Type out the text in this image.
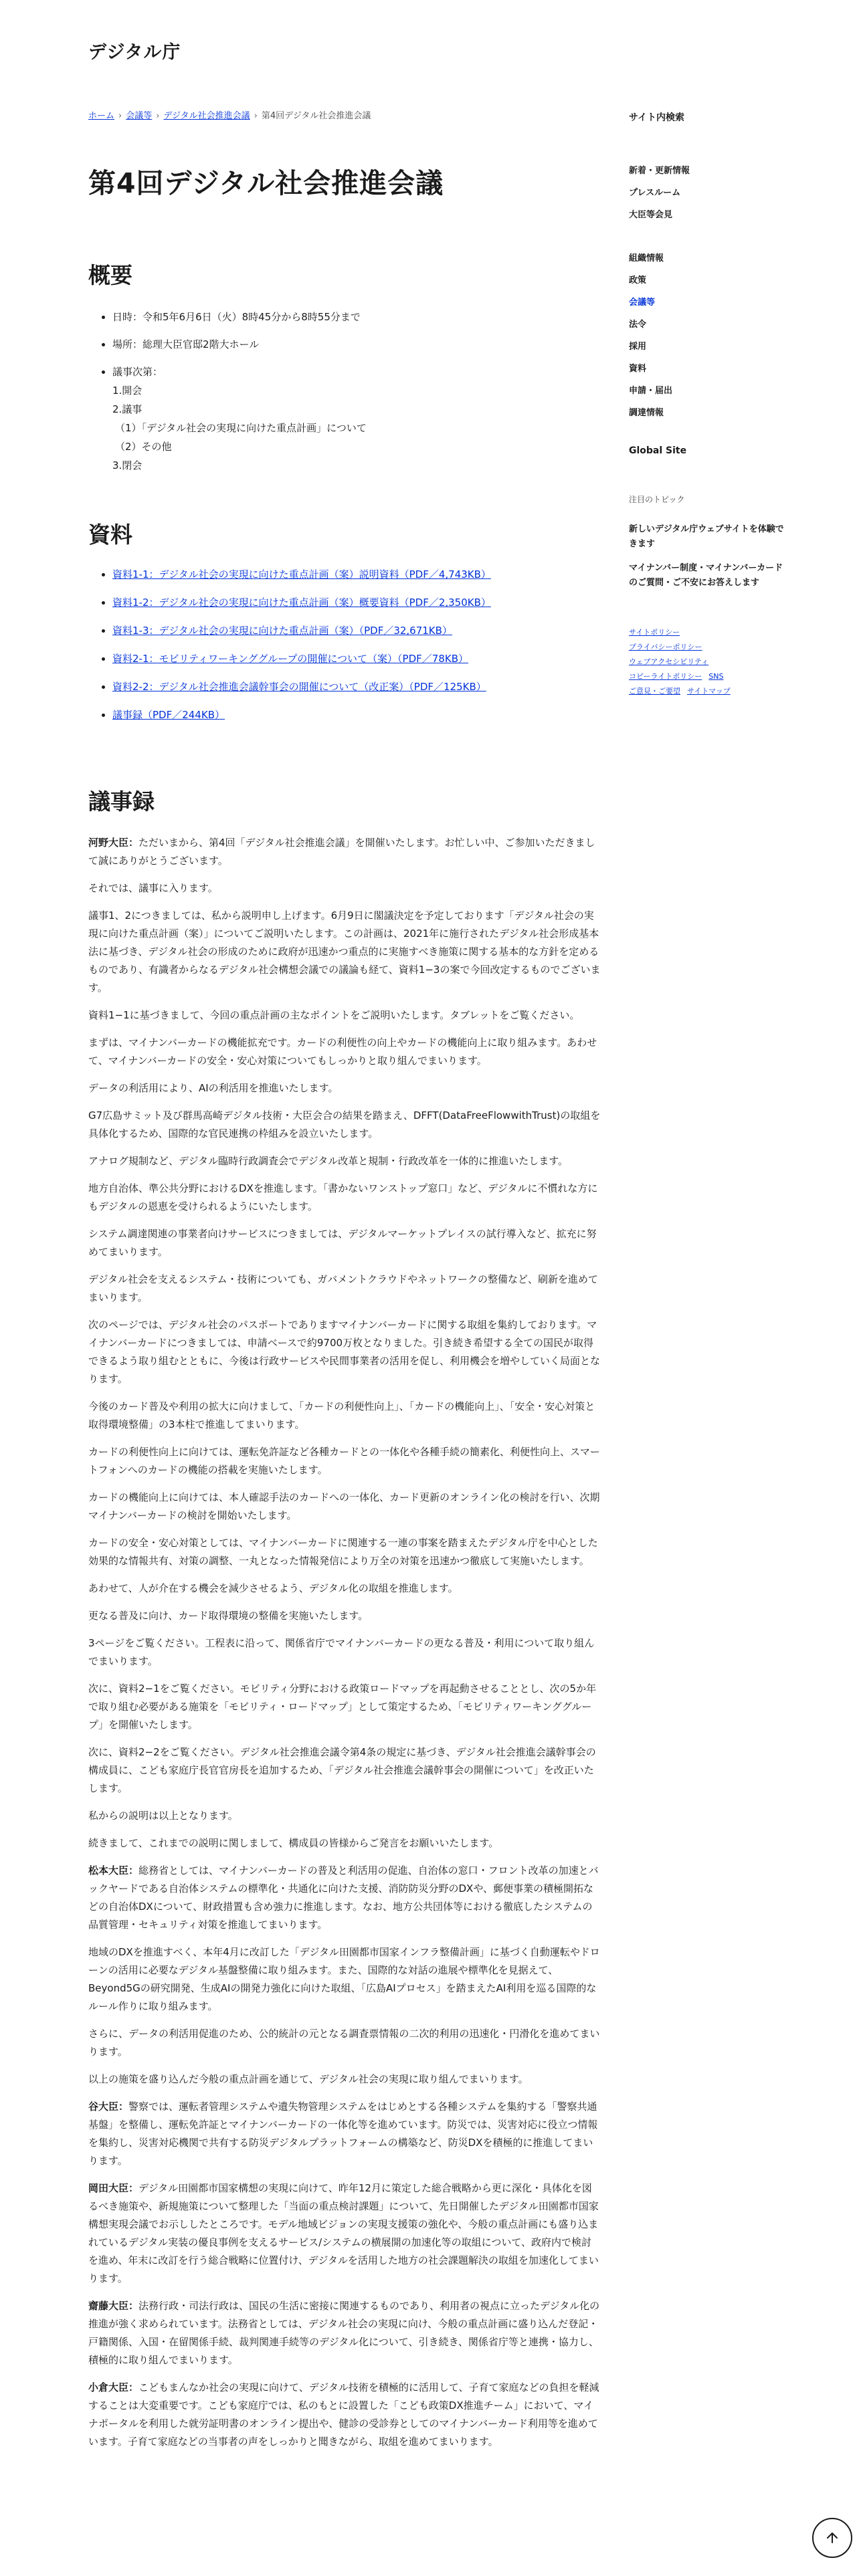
デジタル庁
ホーム › 会議等 › デジタル社会推進会議 › 第4回デジタル社会推進会議
第4回デジタル社会推進会議
概要
• 日時：令和5年6月6日（火）8時45分から8時55分まで
• 場所：総理大臣官邸2階大ホール
• 議事次第：
1.開会
2.議事
（1）「デジタル社会の実現に向けた重点計画」について
（2）その他
3.閉会
資料
• 資料1-1：デジタル社会の実現に向けた重点計画（案）説明資料（PDF／4,743KB）
• 資料1-2：デジタル社会の実現に向けた重点計画（案）概要資料（PDF／2,350KB）
• 資料1-3：デジタル社会の実現に向けた重点計画（案）（PDF／32,671KB）
• 資料2-1：モビリティワーキンググループの開催について（案）（PDF／78KB）
• 資料2-2：デジタル社会推進会議幹事会の開催について（改正案）（PDF／125KB）
• 議事録（PDF／244KB）
議事録

河野大臣：ただいまから、第4回「デジタル社会推進会議」を開催いたします。お忙しい中、ご参加いただきまして誠にありがとうございます。

それでは、議事に入ります。

議事1、2につきましては、私から説明申し上げます。6月9日に閣議決定を予定しております「デジタル社会の実現に向けた重点計画（案）」についてご説明いたします。この計画は、2021年に施行されたデジタル社会形成基本法に基づき、デジタル社会の形成のために政府が迅速かつ重点的に実施すべき施策に関する基本的な方針を定めるものであり、有識者からなるデジタル社会構想会議での議論も経て、資料1−3の案で今回改定するものでございます。

資料1−1に基づきまして、今回の重点計画の主なポイントをご説明いたします。タブレットをご覧ください。

まずは、マイナンバーカードの機能拡充です。カードの利便性の向上やカードの機能向上に取り組みます。あわせて、マイナンバーカードの安全・安心対策についてもしっかりと取り組んでまいります。

データの利活用により、AIの利活用を推進いたします。

G7広島サミット及び群馬高崎デジタル技術・大臣会合の結果を踏まえ、DFFT(DataFreeFlowwithTrust)の取組を具体化するため、国際的な官民連携の枠組みを設立いたします。

アナログ規制など、デジタル臨時行政調査会でデジタル改革と規制・行政改革を一体的に推進いたします。

地方自治体、準公共分野におけるDXを推進します。「書かないワンストップ窓口」など、デジタルに不慣れな方にもデジタルの恩恵を受けられるようにいたします。

システム調達関連の事業者向けサービスにつきましては、デジタルマーケットプレイスの試行導入など、拡充に努めてまいります。

デジタル社会を支えるシステム・技術についても、ガバメントクラウドやネットワークの整備など、刷新を進めてまいります。

次のページでは、デジタル社会のパスポートでありますマイナンバーカードに関する取組を集約しております。マイナンバーカードにつきましては、申請ベースで約9700万枚となりました。引き続き希望する全ての国民が取得できるよう取り組むとともに、今後は行政サービスや民間事業者の活用を促し、利用機会を増やしていく局面となります。

今後のカード普及や利用の拡大に向けまして、「カードの利便性向上」、「カードの機能向上」、「安全・安心対策と取得環境整備」の3本柱で推進してまいります。

カードの利便性向上に向けては、運転免許証など各種カードとの一体化や各種手続の簡素化、利便性向上、スマートフォンへのカードの機能の搭載を実施いたします。

カードの機能向上に向けては、本人確認手法のカードへの一体化、カード更新のオンライン化の検討を行い、次期マイナンバーカードの検討を開始いたします。

カードの安全・安心対策としては、マイナンバーカードに関連する一連の事案を踏まえたデジタル庁を中心とした効果的な情報共有、対策の調整、一丸となった情報発信により万全の対策を迅速かつ徹底して実施いたします。

あわせて、人が介在する機会を減少させるよう、デジタル化の取組を推進します。

更なる普及に向け、カード取得環境の整備を実施いたします。

3ページをご覧ください。工程表に沿って、関係省庁でマイナンバーカードの更なる普及・利用について取り組んでまいります。

次に、資料2−1をご覧ください。モビリティ分野における政策ロードマップを再起動させることとし、次の5か年で取り組む必要がある施策を「モビリティ・ロードマップ」として策定するため、「モビリティワーキンググループ」を開催いたします。

次に、資料2−2をご覧ください。デジタル社会推進会議令第4条の規定に基づき、デジタル社会推進会議幹事会の構成員に、こども家庭庁長官官房長を追加するため、「デジタル社会推進会議幹事会の開催について」を改正いたします。

私からの説明は以上となります。

続きまして、これまでの説明に関しまして、構成員の皆様からご発言をお願いいたします。

松本大臣：総務省としては、マイナンバーカードの普及と利活用の促進、自治体の窓口・フロント改革の加速とバックヤードである自治体システムの標準化・共通化に向けた支援、消防防災分野のDXや、郵便事業の積極開拓などの自治体DXについて、財政措置も含め強力に推進します。なお、地方公共団体等における徹底したシステムの品質管理・セキュリティ対策を推進してまいります。

地域のDXを推進すべく、本年4月に改訂した「デジタル田園都市国家インフラ整備計画」に基づく自動運転やドローンの活用に必要なデジタル基盤整備に取り組みます。また、国際的な対話の進展や標準化を見据えて、Beyond5Gの研究開発、生成AIの開発力強化に向けた取組、「広島AIプロセス」を踏まえたAI利用を巡る国際的なルール作りに取り組みます。

さらに、データの利活用促進のため、公的統計の元となる調査票情報の二次的利用の迅速化・円滑化を進めてまいります。

以上の施策を盛り込んだ今般の重点計画を通じて、デジタル社会の実現に取り組んでまいります。

谷大臣：警察では、運転者管理システムや遺失物管理システムをはじめとする各種システムを集約する「警察共通基盤」を整備し、運転免許証とマイナンバーカードの一体化等を進めています。防災では、災害対応に役立つ情報を集約し、災害対応機関で共有する防災デジタルプラットフォームの構築など、防災DXを積極的に推進してまいります。

岡田大臣：デジタル田園都市国家構想の実現に向けて、昨年12月に策定した総合戦略から更に深化・具体化を図るべき施策や、新規施策について整理した「当面の重点検討課題」について、先日開催したデジタル田園都市国家構想実現会議でお示ししたところです。モデル地域ビジョンの実現支援策の強化や、今般の重点計画にも盛り込まれているデジタル実装の優良事例を支えるサービス/システムの横展開の加速化等の取組について、政府内で検討を進め、年末に改訂を行う総合戦略に位置付け、デジタルを活用した地方の社会課題解決の取組を加速化してまいります。

齋藤大臣：法務行政・司法行政は、国民の生活に密接に関連するものであり、利用者の視点に立ったデジタル化の推進が強く求められています。法務省としては、デジタル社会の実現に向け、今般の重点計画に盛り込んだ登記・戸籍関係、入国・在留関係手続、裁判関連手続等のデジタル化について、引き続き、関係省庁等と連携・協力し、積極的に取り組んでまいります。

小倉大臣：こどもまんなか社会の実現に向けて、デジタル技術を積極的に活用して、子育て家庭などの負担を軽減することは大変重要です。こども家庭庁では、私のもとに設置した「こども政策DX推進チーム」において、マイナポータルを利用した就労証明書のオンライン提出や、健診の受診券としてのマイナンバーカード利用等を進めています。子育て家庭などの当事者の声をしっかりと聞きながら、取組を進めてまいります。

サイト内検索
新着・更新情報
プレスルーム
大臣等会見
組織情報
政策
会議等
法令
採用
資料
申請・届出
調達情報
Global Site
注目のトピック
新しいデジタル庁ウェブサイトを体験できます
マイナンバー制度・マイナンバーカードのご質問・ご不安にお答えします
サイトポリシー
プライバシーポリシー
ウェブアクセシビリティ
コピーライトポリシー SNS
ご意見・ご要望 サイトマップ
